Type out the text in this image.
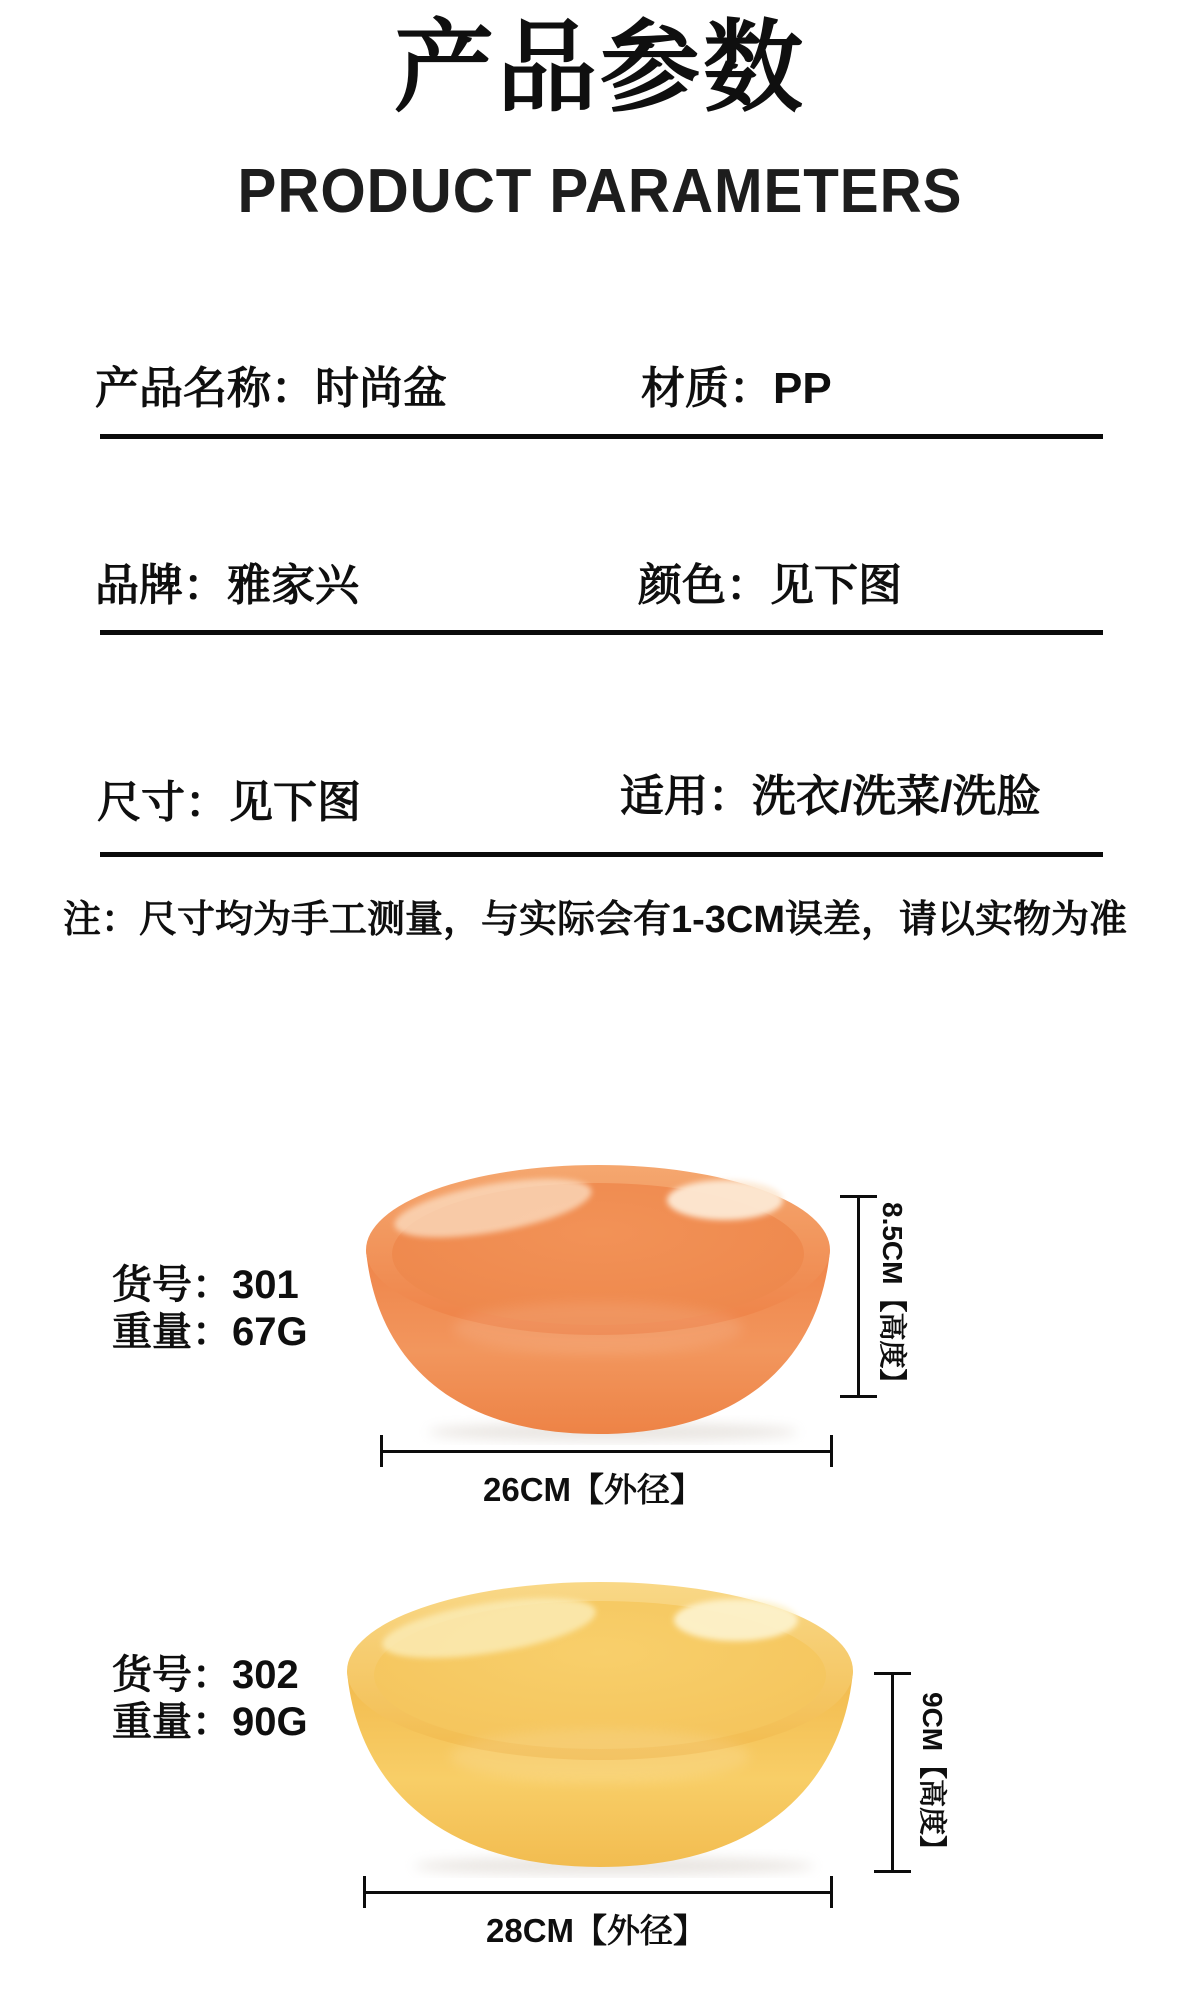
产品参数
PRODUCT PARAMETERS
产品名称：时尚盆	材质：PP
品牌：雅家兴	颜色：见下图
尺寸：见下图	适用：洗衣/洗菜/洗脸
注：尺寸均为手工测量，与实际会有1-3CM误差，请以实物为准
货号：301
重量：67G	8.5CM【高度】
26CM【外径】
货号：302
重量：90G	9CM【高度】
28CM【外径】
